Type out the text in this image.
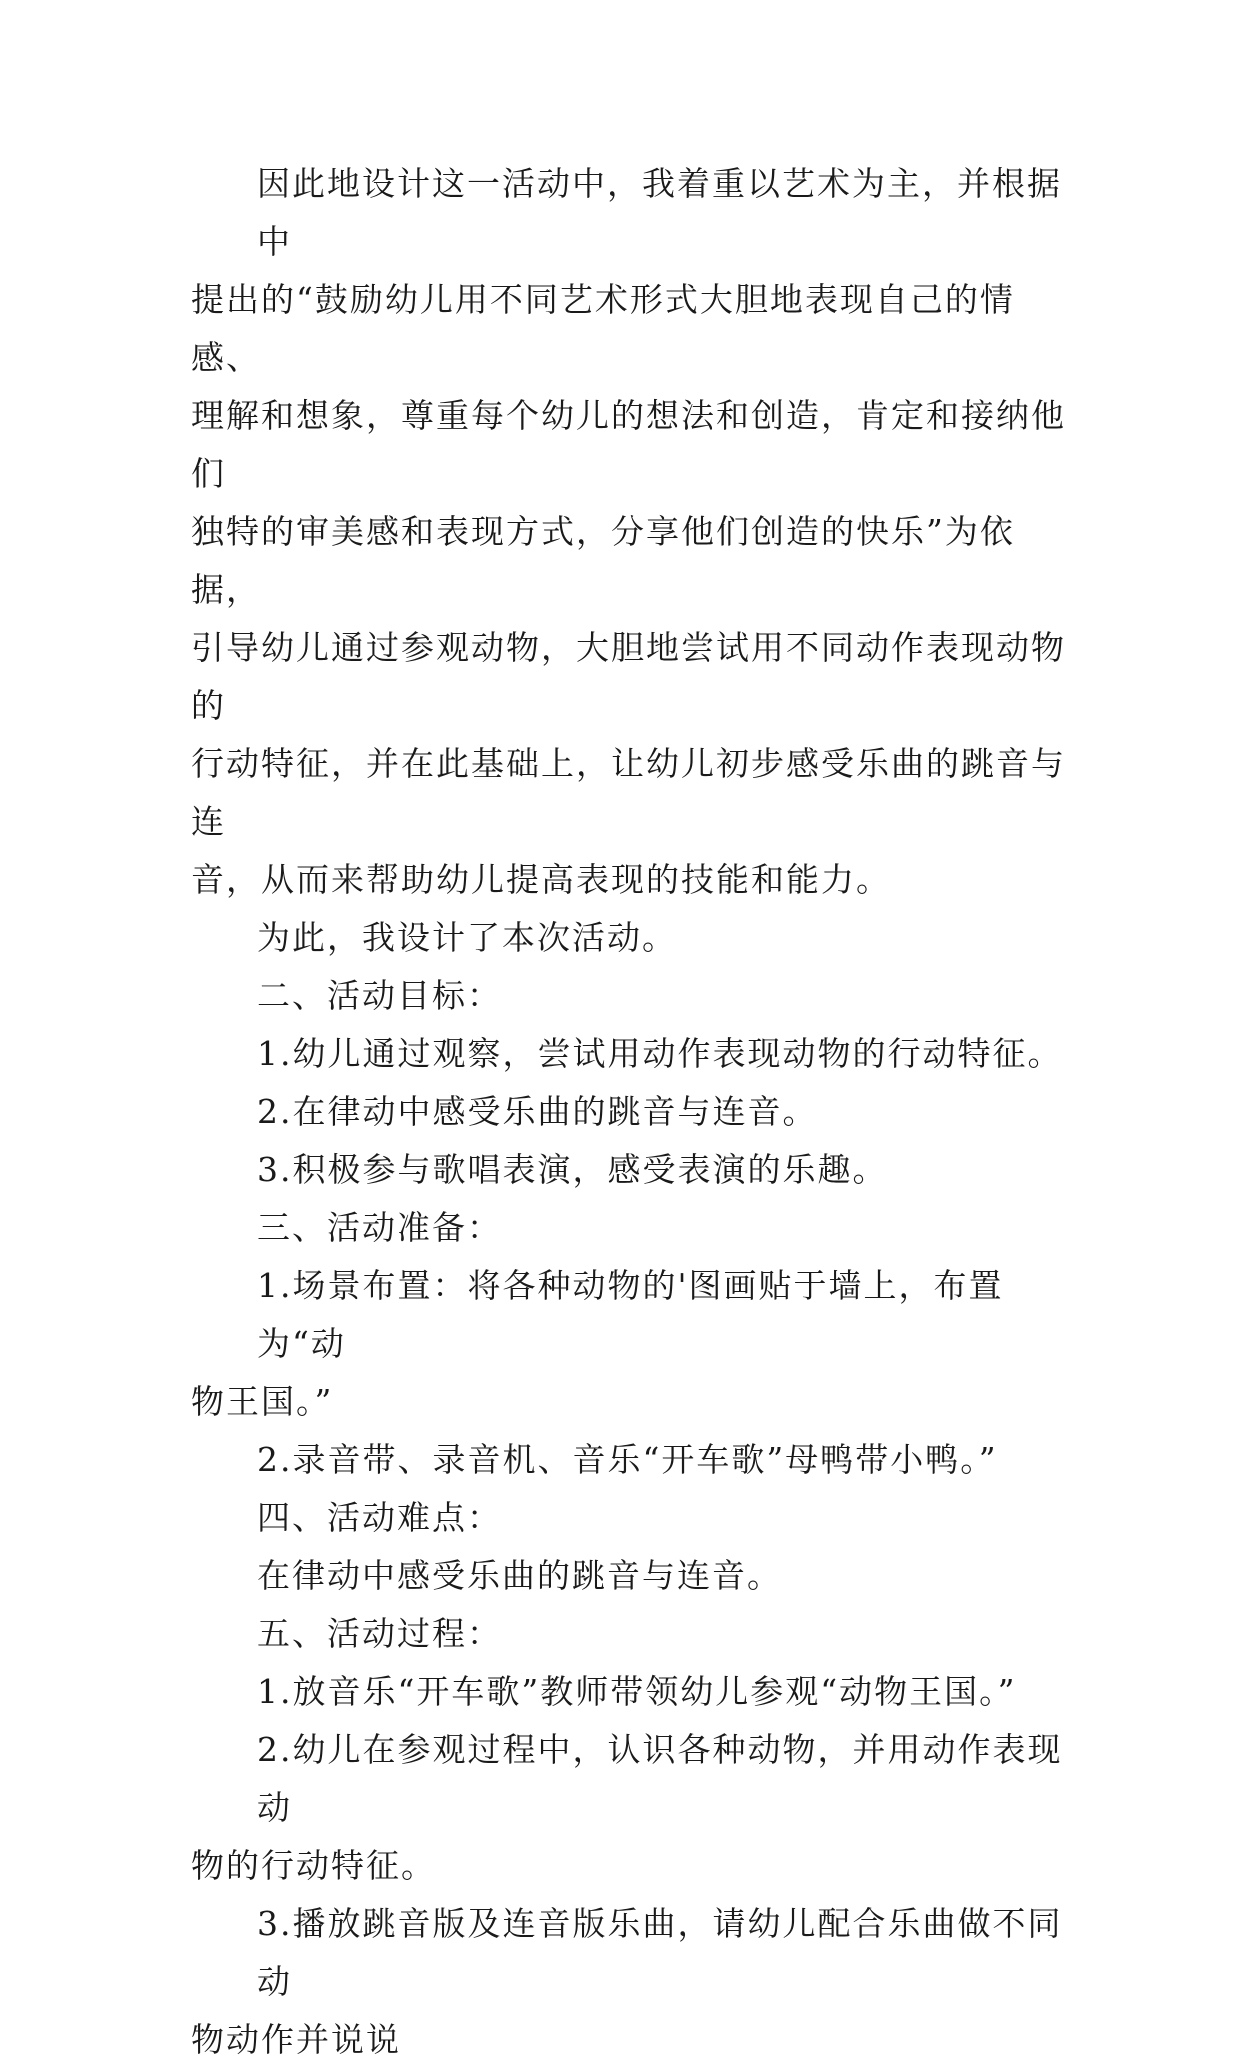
因此地设计这一活动中，我着重以艺术为主，并根据中
提出的“鼓励幼儿用不同艺术形式大胆地表现自己的情感、
理解和想象，尊重每个幼儿的想法和创造，肯定和接纳他们
独特的审美感和表现方式，分享他们创造的快乐”为依据，
引导幼儿通过参观动物，大胆地尝试用不同动作表现动物的
行动特征，并在此基础上，让幼儿初步感受乐曲的跳音与连
音，从而来帮助幼儿提高表现的技能和能力。

为此，我设计了本次活动。

二、活动目标：

1.幼儿通过观察，尝试用动作表现动物的行动特征。

2.在律动中感受乐曲的跳音与连音。

3.积极参与歌唱表演，感受表演的乐趣。

三、活动准备：

1.场景布置：将各种动物的'图画贴于墙上，布置为“动
物王国。”

2.录音带、录音机、音乐“开车歌”母鸭带小鸭。”

四、活动难点：

在律动中感受乐曲的跳音与连音。

五、活动过程：

1.放音乐“开车歌”教师带领幼儿参观“动物王国。”

2.幼儿在参观过程中，认识各种动物，并用动作表现动
物的行动特征。

3.播放跳音版及连音版乐曲，请幼儿配合乐曲做不同动
物动作并说说
